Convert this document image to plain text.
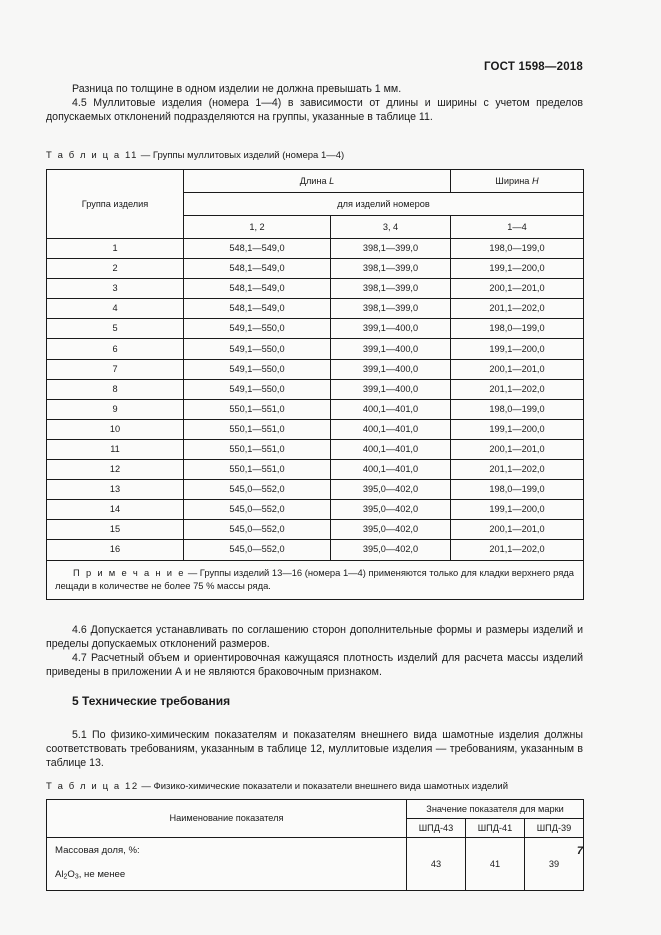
ГОСТ 1598—2018
Разница по толщине в одном изделии не должна превышать 1 мм.
4.5 Муллитовые изделия (номера 1—4) в зависимости от длины и ширины с учетом пределов допускаемых отклонений подразделяются на группы, указанные в таблице 11.
Т а б л и ц а 11 — Группы муллитовых изделий (номера 1—4)
Группа изделия	Длина L		Ширина H
	для изделий номеров		
	1, 2	3, 4	1—4
1	548,1—549,0	398,1—399,0	198,0—199,0
2	548,1—549,0	398,1—399,0	199,1—200,0
3	548,1—549,0	398,1—399,0	200,1—201,0
4	548,1—549,0	398,1—399,0	201,1—202,0
5	549,1—550,0	399,1—400,0	198,0—199,0
6	549,1—550,0	399,1—400,0	199,1—200,0
7	549,1—550,0	399,1—400,0	200,1—201,0
8	549,1—550,0	399,1—400,0	201,1—202,0
9	550,1—551,0	400,1—401,0	198,0—199,0
10	550,1—551,0	400,1—401,0	199,1—200,0
11	550,1—551,0	400,1—401,0	200,1—201,0
12	550,1—551,0	400,1—401,0	201,1—202,0
13	545,0—552,0	395,0—402,0	198,0—199,0
14	545,0—552,0	395,0—402,0	199,1—200,0
15	545,0—552,0	395,0—402,0	200,1—201,0
16	545,0—552,0	395,0—402,0	201,1—202,0
П р и м е ч а н и е — Группы изделий 13—16 (номера 1—4) применяются только для кладки верхнего ряда лещади в количестве не более 75 % массы ряда.			
4.6 Допускается устанавливать по соглашению сторон дополнительные формы и размеры изделий и пределы допускаемых отклонений размеров.
4.7 Расчетный объем и ориентировочная кажущаяся плотность изделий для расчета массы изделий приведены в приложении А и не являются браковочным признаком.
5 Технические требования
5.1 По физико-химическим показателям и показателям внешнего вида шамотные изделия должны соответствовать требованиям, указанным в таблице 12, муллитовые изделия — требованиям, указанным в таблице 13.
Т а б л и ц а 12 — Физико-химические показатели и показатели внешнего вида шамотных изделий
Наименование показателя	Значение показателя для марки		
	ШПД-43	ШПД-41	ШПД-39
Массовая доля, %:
$Al_2O_3$, не менее	43	41	39
7
